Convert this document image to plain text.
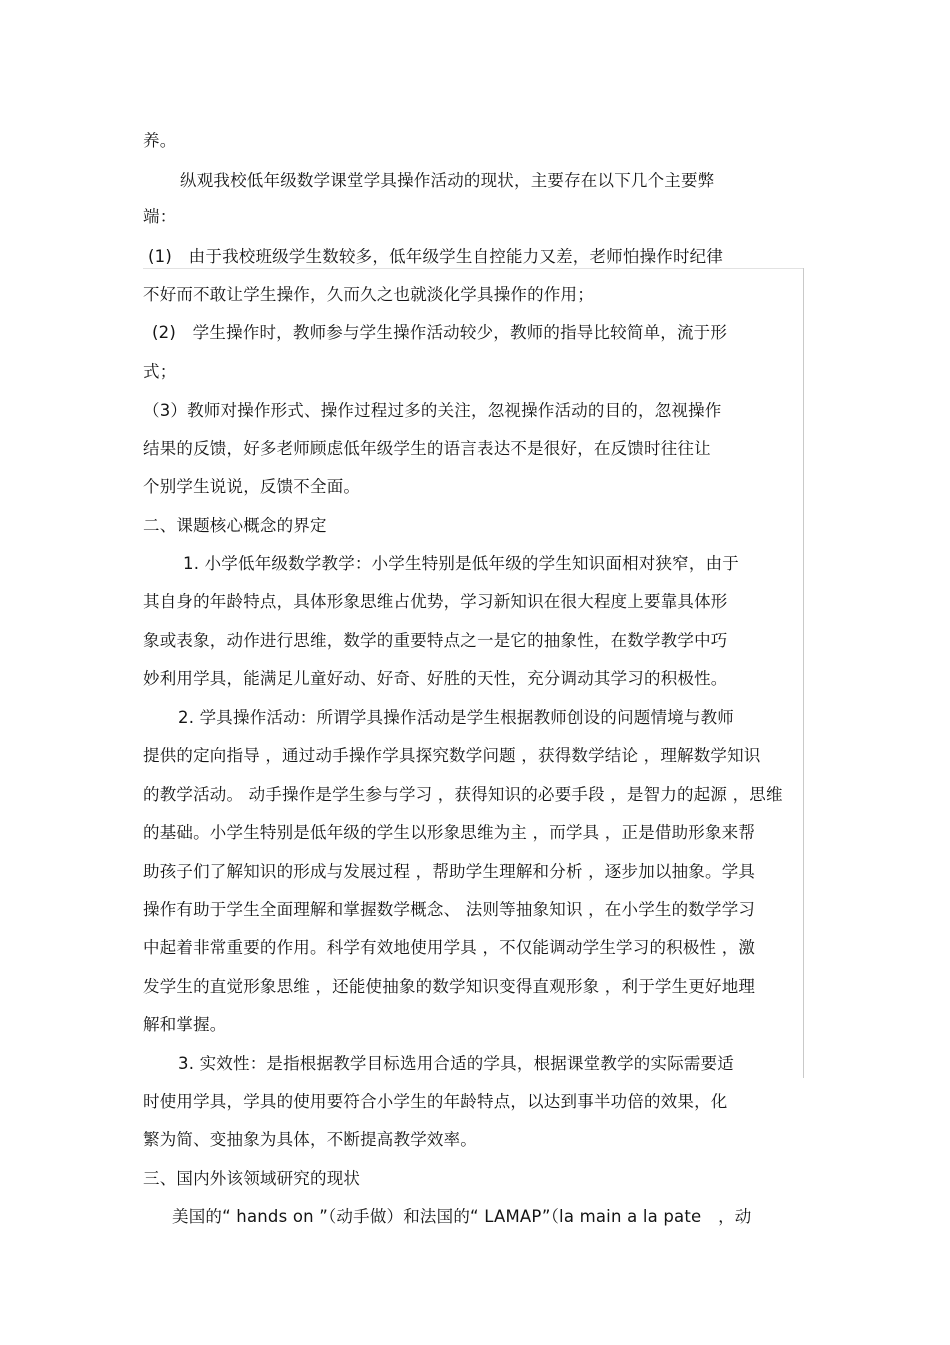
养。
纵观我校低年级数学课堂学具操作活动的现状，主要存在以下几个主要弊
端：
(1)　由于我校班级学生数较多，低年级学生自控能力又差，老师怕操作时纪律
不好而不敢让学生操作，久而久之也就淡化学具操作的作用；
(2)　学生操作时，教师参与学生操作活动较少，教师的指导比较简单，流于形
式；
（3）教师对操作形式、操作过程过多的关注，忽视操作活动的目的，忽视操作
结果的反馈，好多老师顾虑低年级学生的语言表达不是很好，在反馈时往往让
个别学生说说，反馈不全面。
二、课题核心概念的界定
1. 小学低年级数学教学：小学生特别是低年级的学生知识面相对狭窄，由于
其自身的年龄特点，具体形象思维占优势，学习新知识在很大程度上要靠具体形
象或表象，动作进行思维，数学的重要特点之一是它的抽象性，在数学教学中巧
妙利用学具，能满足儿童好动、好奇、好胜的天性，充分调动其学习的积极性。
2. 学具操作活动：所谓学具操作活动是学生根据教师创设的问题情境与教师
提供的定向指导 ，通过动手操作学具探究数学问题 ，获得数学结论 ，理解数学知识
的教学活动。 动手操作是学生参与学习 ，获得知识的必要手段 ，是智力的起源 ，思维
的基础。小学生特别是低年级的学生以形象思维为主 ，而学具 ，正是借助形象来帮
助孩子们了解知识的形成与发展过程 ，帮助学生理解和分析 ，逐步加以抽象。学具
操作有助于学生全面理解和掌握数学概念、 法则等抽象知识 ，在小学生的数学学习
中起着非常重要的作用。科学有效地使用学具 ，不仅能调动学生学习的积极性 ，激
发学生的直觉形象思维 ，还能使抽象的数学知识变得直观形象 ，利于学生更好地理
解和掌握。
3. 实效性：是指根据教学目标选用合适的学具，根据课堂教学的实际需要适
时使用学具，学具的使用要符合小学生的年龄特点，以达到事半功倍的效果，化
繁为简、变抽象为具体，不断提高教学效率。
三、国内外该领域研究的现状
美国的“ hands on ”（动手做）和法国的“ LAMAP”（la main a la pate　，动
